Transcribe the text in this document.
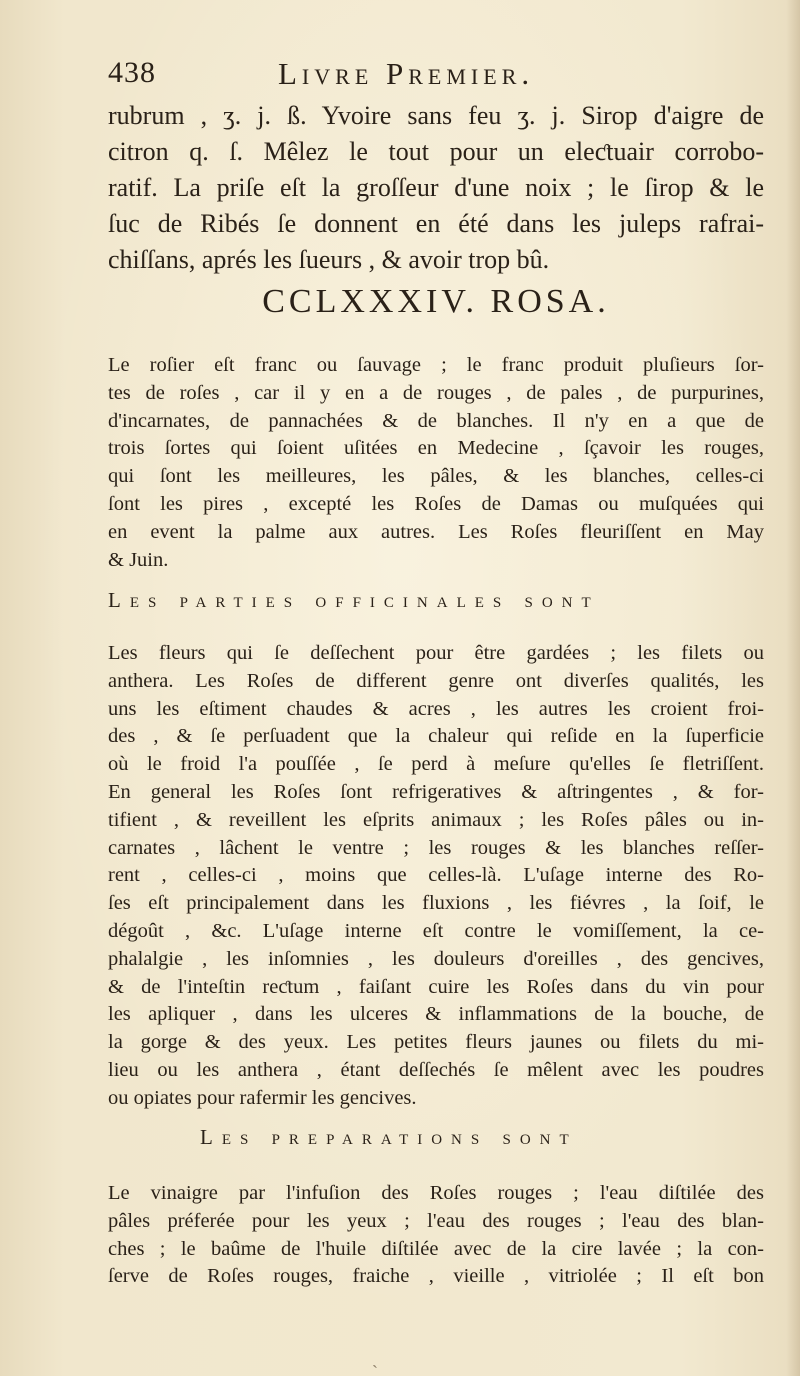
438	Livre Premier.
rubrum , ʒ. j. ß. Yvoire sans feu ʒ. j. Sirop d'aigre de
citron q. ſ. Mêlez le tout pour un eleƈtuair corrobo-
ratif. La priſe eſt la groſſeur d'une noix ; le ſirop & le
ſuc de Ribés ſe donnent en été dans les juleps rafrai-
chiſſans, aprés les ſueurs , & avoir trop bû.
CCLXXXIV. ROSA.
Le roſier eſt franc ou ſauvage ; le franc produit pluſieurs ſor-
tes de roſes , car il y en a de rouges , de pales , de purpurines,
d'incarnates, de pannachées & de blanches. Il n'y en a que de
trois ſortes qui ſoient uſitées en Medecine , ſçavoir les rouges,
qui ſont les meilleures, les pâles, & les blanches, celles-ci
ſont les pires , excepté les Roſes de Damas ou muſquées qui
en event la palme aux autres. Les Roſes fleuriſſent en May
& Juin.
Les parties officinales sont
Les fleurs qui ſe deſſechent pour être gardées ; les filets ou
anthera. Les Roſes de different genre ont diverſes qualités, les
uns les eſtiment chaudes & acres , les autres les croient froi-
des , & ſe perſuadent que la chaleur qui reſide en la ſuperficie
où le froid l'a pouſſée , ſe perd à meſure qu'elles ſe fletriſſent.
En general les Roſes ſont refrigeratives & aſtringentes , & for-
tifient , & reveillent les eſprits animaux ; les Roſes pâles ou in-
carnates , lâchent le ventre ; les rouges & les blanches reſſer-
rent , celles-ci , moins que celles-là. L'uſage interne des Ro-
ſes eſt principalement dans les fluxions , les fiévres , la ſoif, le
dégoût , &c. L'uſage interne eſt contre le vomiſſement, la ce-
phalalgie , les inſomnies , les douleurs d'oreilles , des gencives,
& de l'inteſtin reƈtum , faiſant cuire les Roſes dans du vin pour
les apliquer , dans les ulceres & inflammations de la bouche, de
la gorge & des yeux. Les petites fleurs jaunes ou filets du mi-
lieu ou les anthera , étant deſſechés ſe mêlent avec les poudres
ou opiates pour rafermir les gencives.
Les preparations sont
Le vinaigre par l'infuſion des Roſes rouges ; l'eau diſtilée des
pâles préferée pour les yeux ; l'eau des rouges ; l'eau des blan-
ches ; le baûme de l'huile diſtilée avec de la cire lavée ; la con-
ſerve de Roſes rouges, fraiche , vieille , vitriolée ; Il eſt bon
ˎ
